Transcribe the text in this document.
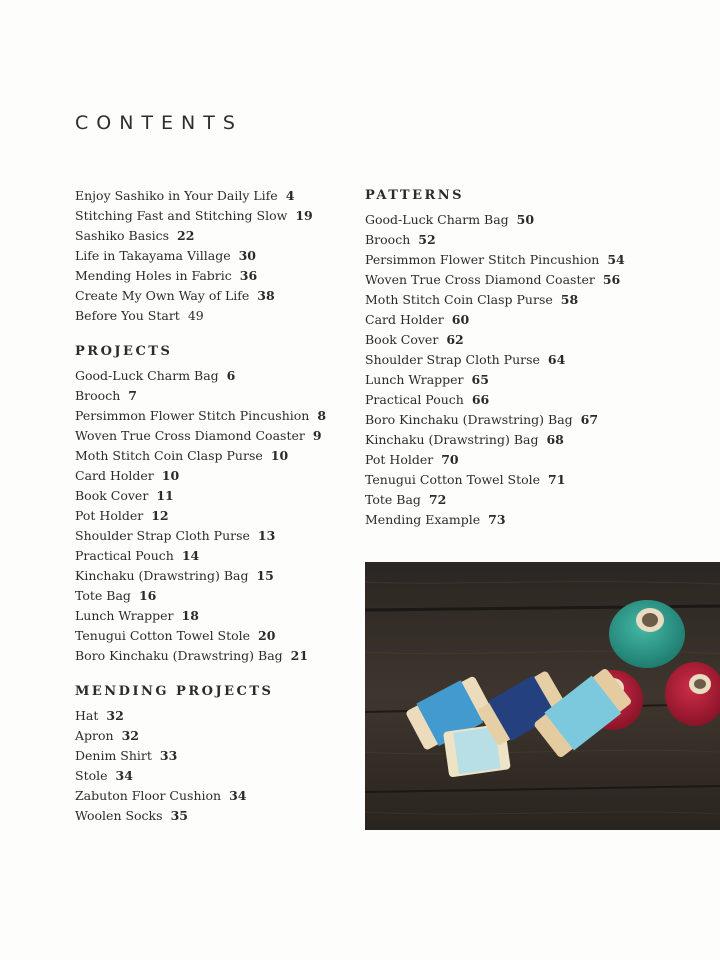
CONTENTS
Enjoy Sashiko in Your Daily Life 4
Stitching Fast and Stitching Slow 19
Sashiko Basics 22
Life in Takayama Village 30
Mending Holes in Fabric 36
Create My Own Way of Life 38
Before You Start 49
PROJECTS
Good-Luck Charm Bag 6
Brooch 7
Persimmon Flower Stitch Pincushion 8
Woven True Cross Diamond Coaster 9
Moth Stitch Coin Clasp Purse 10
Card Holder 10
Book Cover 11
Pot Holder 12
Shoulder Strap Cloth Purse 13
Practical Pouch 14
Kinchaku (Drawstring) Bag 15
Tote Bag 16
Lunch Wrapper 18
Tenugui Cotton Towel Stole 20
Boro Kinchaku (Drawstring) Bag 21
MENDING PROJECTS
Hat 32
Apron 32
Denim Shirt 33
Stole 34
Zabuton Floor Cushion 34
Woolen Socks 35
PATTERNS
Good-Luck Charm Bag 50
Brooch 52
Persimmon Flower Stitch Pincushion 54
Woven True Cross Diamond Coaster 56
Moth Stitch Coin Clasp Purse 58
Card Holder 60
Book Cover 62
Shoulder Strap Cloth Purse 64
Lunch Wrapper 65
Practical Pouch 66
Boro Kinchaku (Drawstring) Bag 67
Kinchaku (Drawstring) Bag 68
Pot Holder 70
Tenugui Cotton Towel Stole 71
Tote Bag 72
Mending Example 73
